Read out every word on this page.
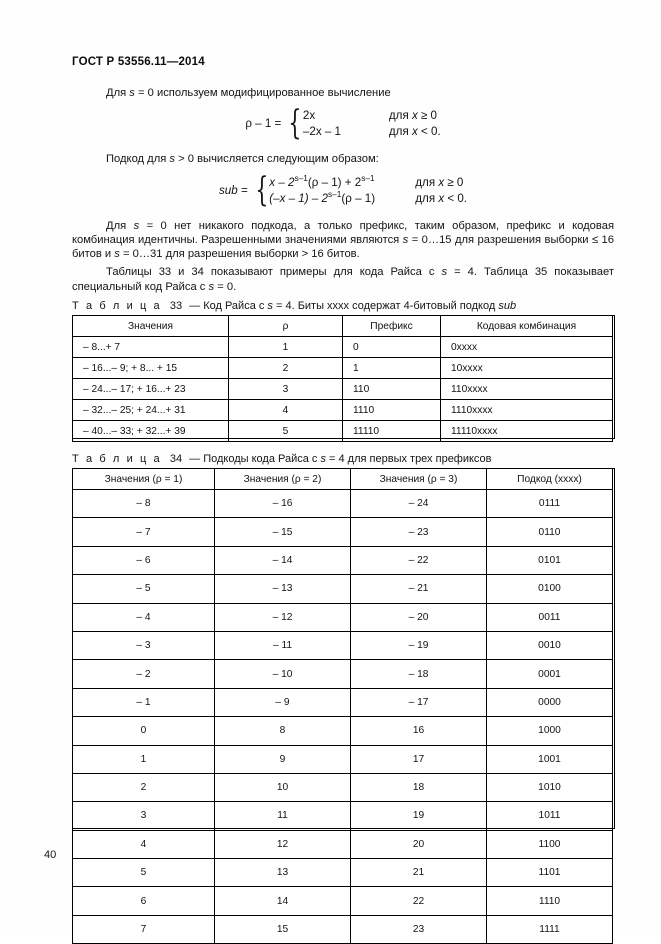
ГОСТ Р 53556.11—2014

Для s = 0 используем модифицированное вычисление

ρ – 1 = { 2x	для x ≥ 0
–2x – 1	для x < 0.

Подкод для s > 0 вычисляется следующим образом:

sub = { $x - 2^{s-1}(\rho - 1) + 2^{s-1}$	для x ≥ 0
(–x – 1) – 2$^{s-1}$(ρ – 1)	для x < 0.

Для s = 0 нет никакого подкода, а только префикс, таким образом, префикс и кодовая комбинация идентичны. Разрешенными значениями являются s = 0…15 для разрешения выборки ≤ 16 битов и s = 0…31 для разрешения выборки > 16 битов.

Таблицы 33 и 34 показывают примеры для кода Райса с s = 4. Таблица 35 показывает специальный код Райса с s = 0.

Т а б л и ц а 33 — Код Райса с s = 4. Биты xxxx содержат 4-битовый подкод sub
Значения	ρ	Префикс	Кодовая комбинация
– 8...+ 7	1	0	0xxxx
– 16...– 9; + 8... + 15	2	1	10xxxx
– 24...– 17; + 16...+ 23	3	110	110xxxx
– 32...– 25; + 24...+ 31	4	1110	1110xxxx
– 40...– 33; + 32...+ 39	5	11110	11110xxxx
Т а б л и ц а 34 — Подкоды кода Райса с s = 4 для первых трех префиксов
Значения (ρ = 1)	Значения (ρ = 2)	Значения (ρ = 3)	Подкод (xxxx)
– 8	– 16	– 24	0111
– 7	– 15	– 23	0110
– 6	– 14	– 22	0101
– 5	– 13	– 21	0100
– 4	– 12	– 20	0011
– 3	– 11	– 19	0010
– 2	– 10	– 18	0001
– 1	– 9	– 17	0000
0	8	16	1000
1	9	17	1001
2	10	18	1010
3	11	19	1011
4	12	20	1100
5	13	21	1101
6	14	22	1110
7	15	23	1111
40
